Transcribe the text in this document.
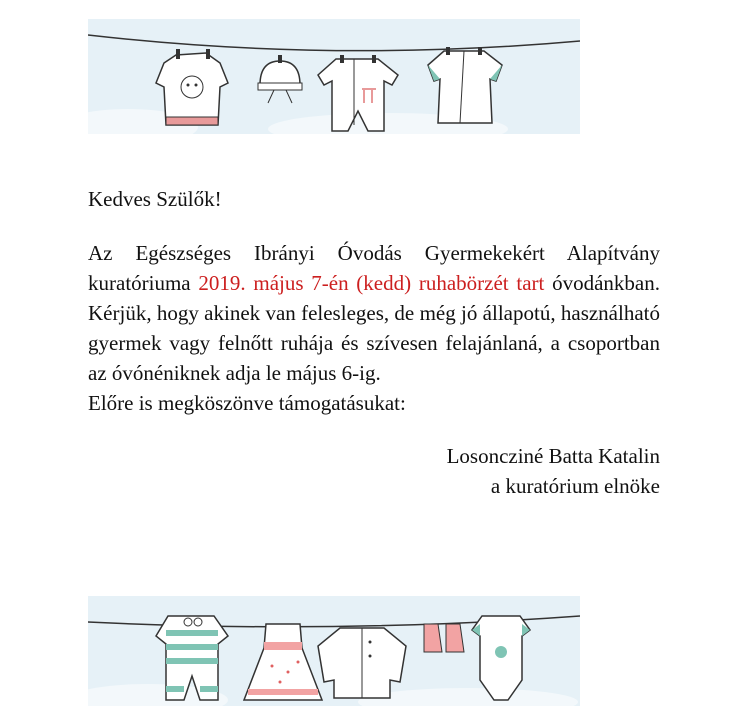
Kedves Szülők!

Az Egészséges Ibrányi Óvodás Gyermekekért Alapítvány kuratóriuma 2019. május 7-én (kedd) ruhabörzét tart óvodánkban. Kérjük, hogy akinek van felesleges, de még jó állapotú, használható gyermek vagy felnőtt ruhája és szívesen felajánlaná, a csoportban az óvónéniknek adja le május 6-ig.

Előre is megköszönve támogatásukat:

Losoncziné Batta Katalin
a kuratórium elnöke
